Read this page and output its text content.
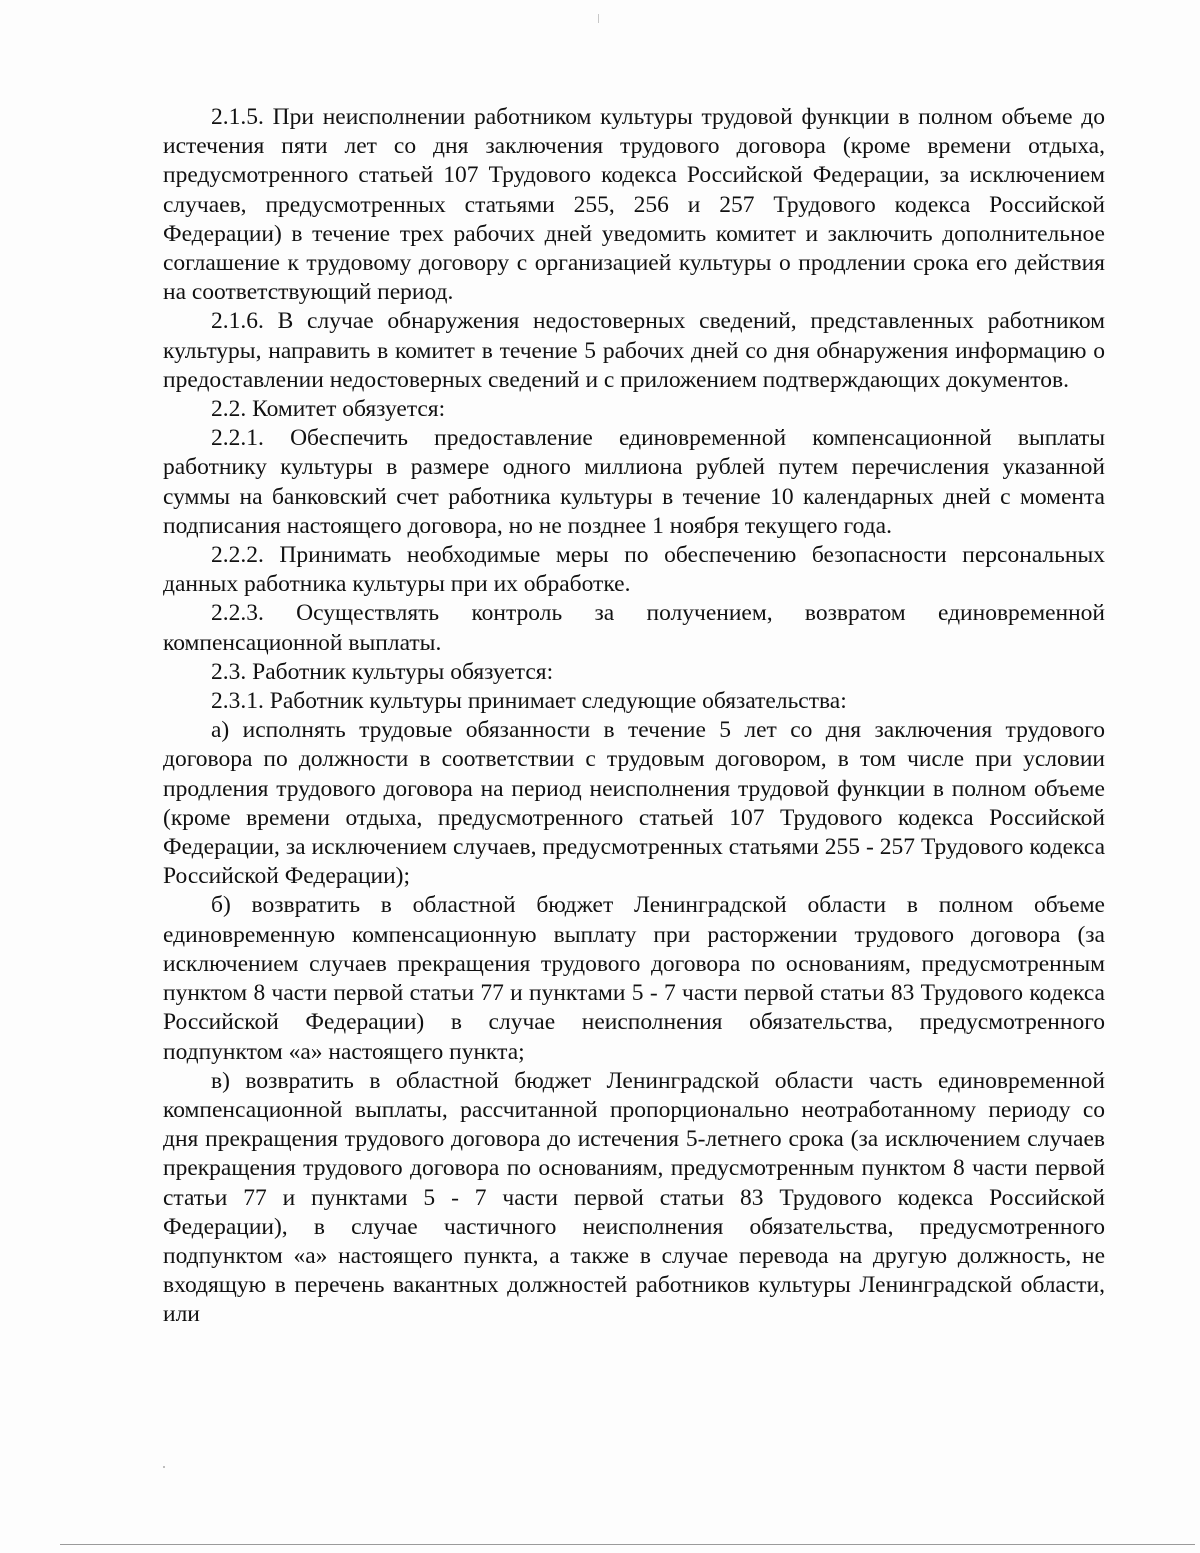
2.1.5. При неисполнении работником культуры трудовой функции в полном объеме до истечения пяти лет со дня заключения трудового договора (кроме времени отдыха, предусмотренного статьей 107 Трудового кодекса Российской Федерации, за исключением случаев, предусмотренных статьями 255, 256 и 257 Трудового кодекса Российской Федерации) в течение трех рабочих дней уведомить комитет и заключить дополнительное соглашение к трудовому договору с организацией культуры о продлении срока его действия на соответствующий период.

2.1.6. В случае обнаружения недостоверных сведений, представленных работником культуры, направить в комитет в течение 5 рабочих дней со дня обнаружения информацию о предоставлении недостоверных сведений и с приложением подтверждающих документов.

2.2. Комитет обязуется:

2.2.1. Обеспечить предоставление единовременной компенсационной выплаты работнику культуры в размере одного миллиона рублей путем перечисления указанной суммы на банковский счет работника культуры в течение 10 календарных дней с момента подписания настоящего договора, но не позднее 1 ноября текущего года.

2.2.2. Принимать необходимые меры по обеспечению безопасности персональных данных работника культуры при их обработке.

2.2.3. Осуществлять контроль за получением, возвратом единовременной компенсационной выплаты.

2.3. Работник культуры обязуется:

2.3.1. Работник культуры принимает следующие обязательства:

а) исполнять трудовые обязанности в течение 5 лет со дня заключения трудового договора по должности в соответствии с трудовым договором, в том числе при условии продления трудового договора на период неисполнения трудовой функции в полном объеме (кроме времени отдыха, предусмотренного статьей 107 Трудового кодекса Российской Федерации, за исключением случаев, предусмотренных статьями 255 - 257 Трудового кодекса Российской Федерации);

б) возвратить в областной бюджет Ленинградской области в полном объеме единовременную компенсационную выплату при расторжении трудового договора (за исключением случаев прекращения трудового договора по основаниям, предусмотренным пунктом 8 части первой статьи 77 и пунктами 5 - 7 части первой статьи 83 Трудового кодекса Российской Федерации) в случае неисполнения обязательства, предусмотренного подпунктом «а» настоящего пункта;

в) возвратить в областной бюджет Ленинградской области часть единовременной компенсационной выплаты, рассчитанной пропорционально неотработанному периоду со дня прекращения трудового договора до истечения 5-летнего срока (за исключением случаев прекращения трудового договора по основаниям, предусмотренным пунктом 8 части первой статьи 77 и пунктами 5 - 7 части первой статьи 83 Трудового кодекса Российской Федерации), в случае частичного неисполнения обязательства, предусмотренного подпунктом «а» настоящего пункта, а также в случае перевода на другую должность, не входящую в перечень вакантных должностей работников культуры Ленинградской области, или
